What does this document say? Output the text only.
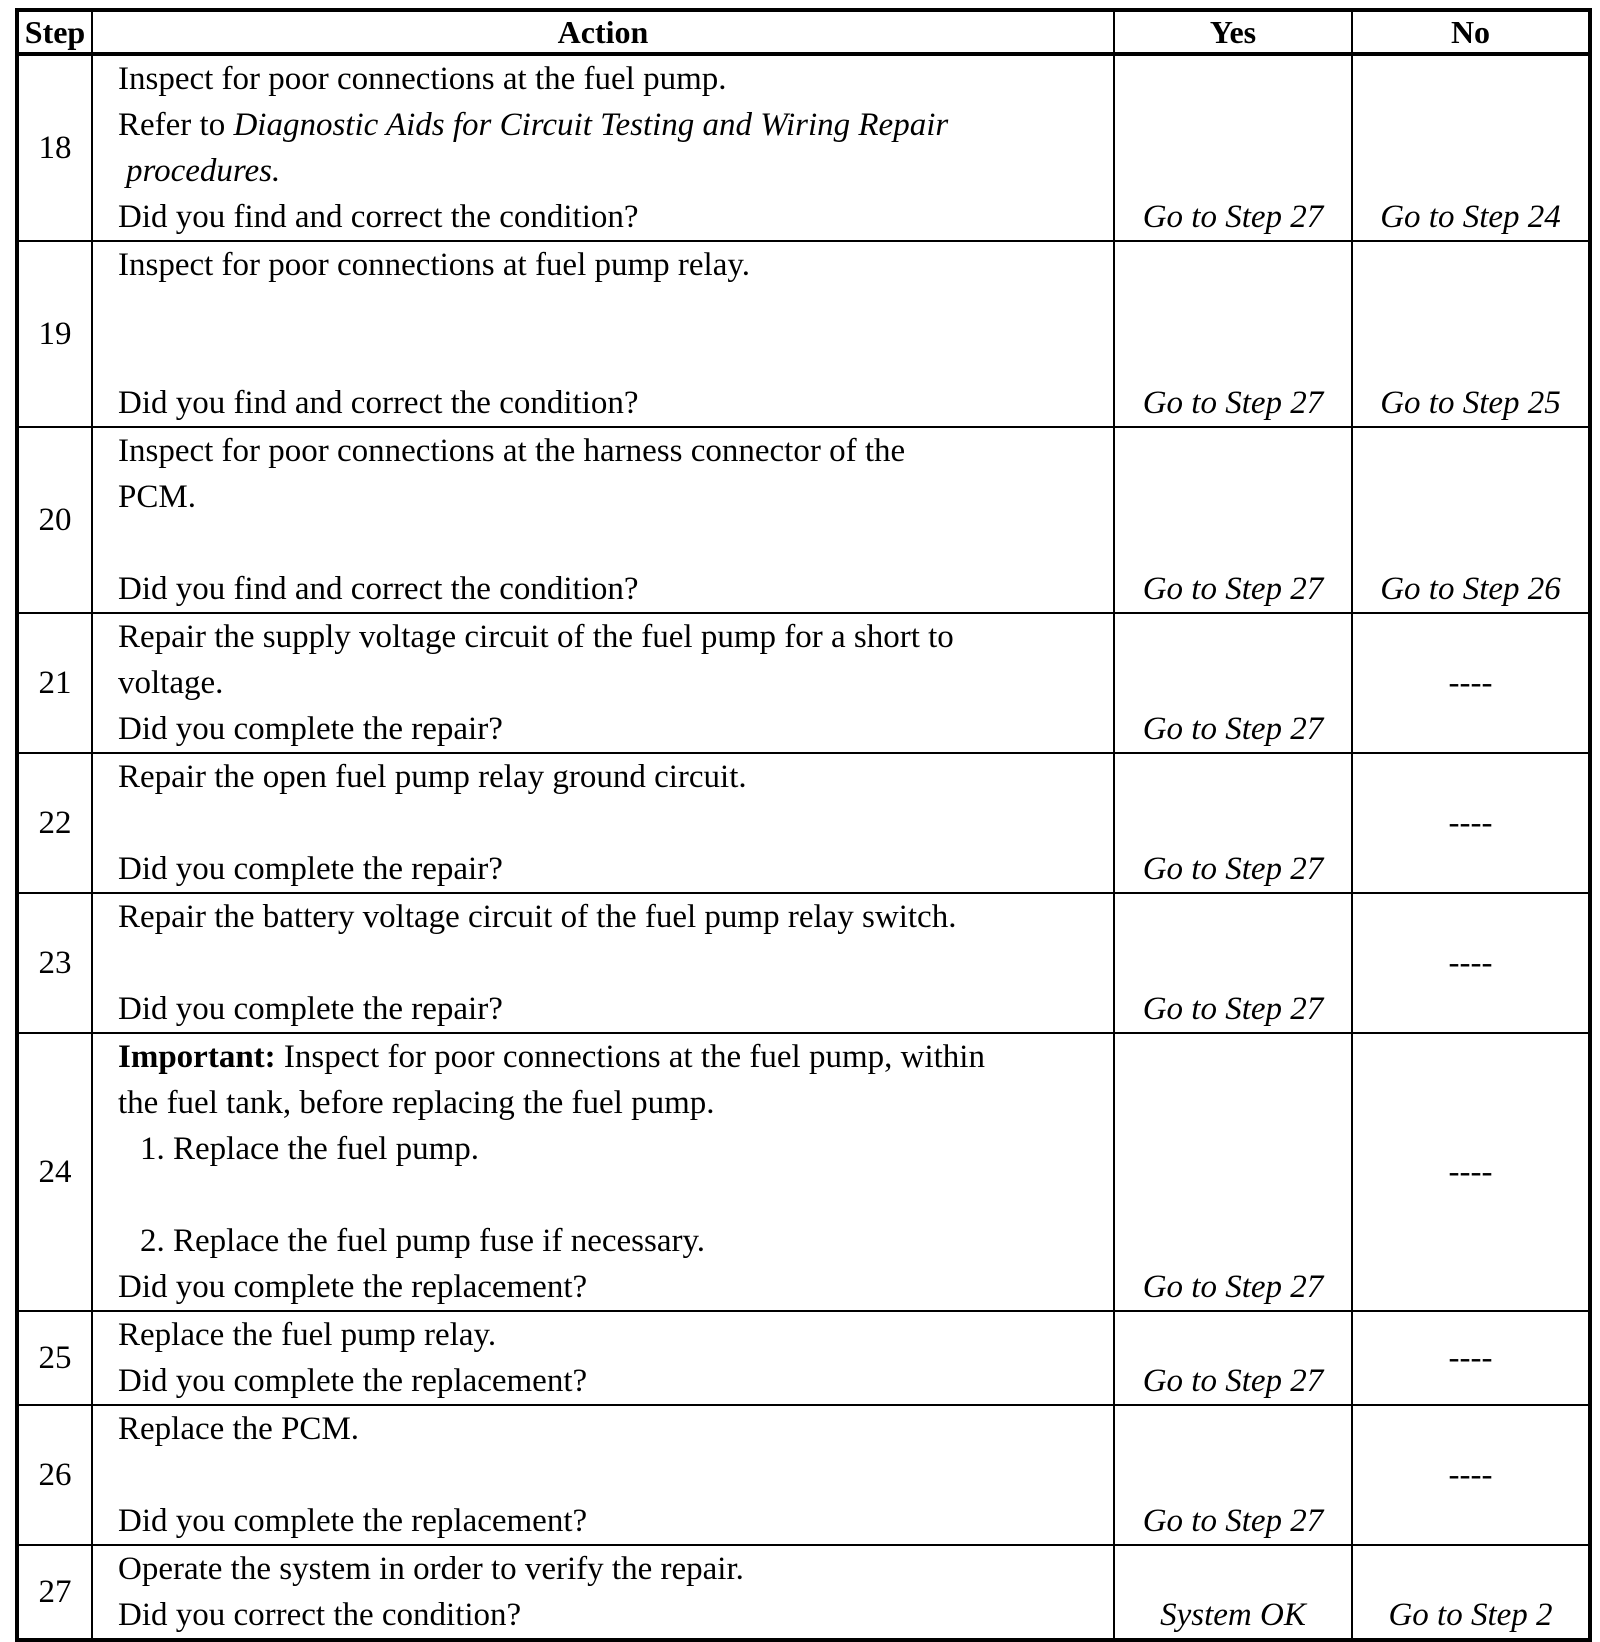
Step	Action	Yes	No
18	Inspect for poor connections at the fuel pump.
Refer to Diagnostic Aids for Circuit Testing and Wiring Repair
procedures.
Did you find and correct the condition?	Go to Step 27	Go to Step 24
19	Inspect for poor connections at fuel pump relay.
Did you find and correct the condition?	Go to Step 27	Go to Step 25
20	Inspect for poor connections at the harness connector of the
PCM.
Did you find and correct the condition?	Go to Step 27	Go to Step 26
21	Repair the supply voltage circuit of the fuel pump for a short to
voltage.
Did you complete the repair?	Go to Step 27	----
22	Repair the open fuel pump relay ground circuit.
Did you complete the repair?	Go to Step 27	----
23	Repair the battery voltage circuit of the fuel pump relay switch.
Did you complete the repair?	Go to Step 27	----
24	Important: Inspect for poor connections at the fuel pump, within
the fuel tank, before replacing the fuel pump.
1. Replace the fuel pump.
2. Replace the fuel pump fuse if necessary.
Did you complete the replacement?	Go to Step 27	----
25	Replace the fuel pump relay.
Did you complete the replacement?	Go to Step 27	----
26	Replace the PCM.
Did you complete the replacement?	Go to Step 27	----
27	Operate the system in order to verify the repair.
Did you correct the condition?	System OK	Go to Step 2
